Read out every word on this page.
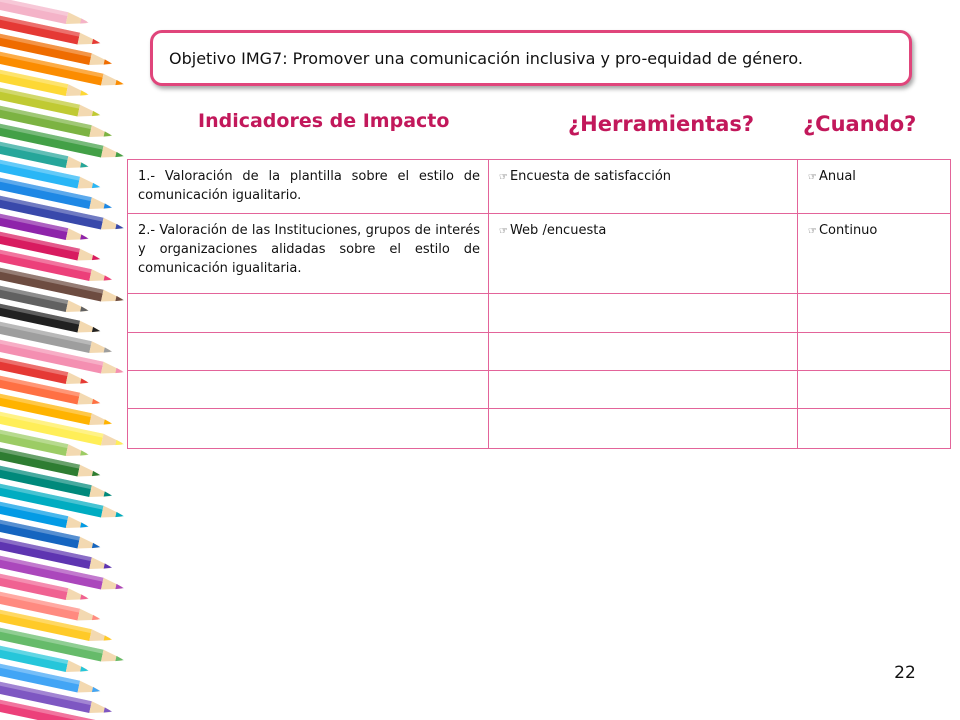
Objetivo IMG7: Promover una comunicación inclusiva y pro-equidad de género.
Indicadores de Impacto	¿Herramientas? ¿Cuando?
1.- Valoración de la plantilla sobre el estilo de comunicación igualitario.	☞ Encuesta de satisfacción	☞ Anual
2.- Valoración de las Instituciones, grupos de interés y organizaciones alidadas sobre el estilo de comunicación igualitaria.	☞ Web /encuesta	☞ Continuo

22
